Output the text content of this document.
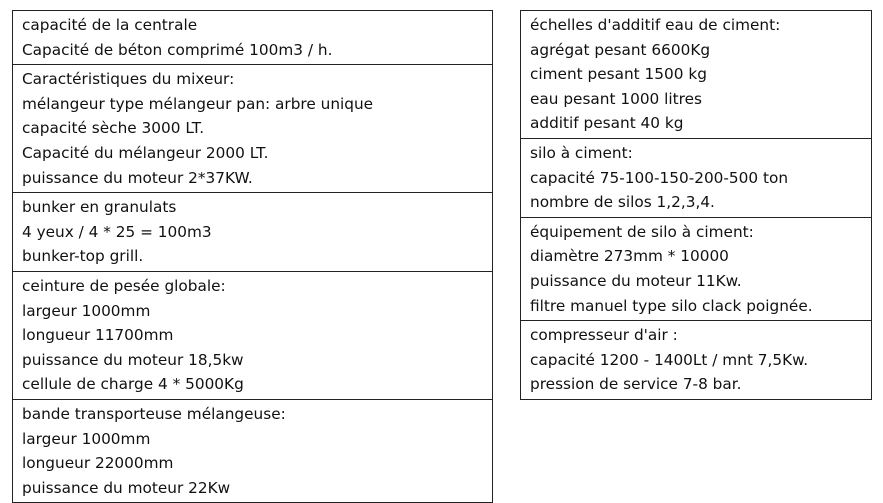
capacité de la centrale
Capacité de béton comprimé 100m3 / h.
Caractéristiques du mixeur:
mélangeur type mélangeur pan: arbre unique
capacité sèche 3000 LT.
Capacité du mélangeur 2000 LT.
puissance du moteur 2*37KW.
bunker en granulats
4 yeux / 4 * 25 = 100m3
bunker-top grill.
ceinture de pesée globale:
largeur 1000mm
longueur 11700mm
puissance du moteur 18,5kw
cellule de charge 4 * 5000Kg
bande transporteuse mélangeuse:
largeur 1000mm
longueur 22000mm
puissance du moteur 22Kw
échelles d'additif eau de ciment:
agrégat pesant 6600Kg
ciment pesant 1500 kg
eau pesant 1000 litres
additif pesant 40 kg
silo à ciment:
capacité 75-100-150-200-500 ton
nombre de silos 1,2,3,4.
équipement de silo à ciment:
diamètre 273mm * 10000
puissance du moteur 11Kw.
filtre manuel type silo clack poignée.
compresseur d'air :
capacité 1200 - 1400Lt / mnt 7,5Kw.
pression de service 7-8 bar.
